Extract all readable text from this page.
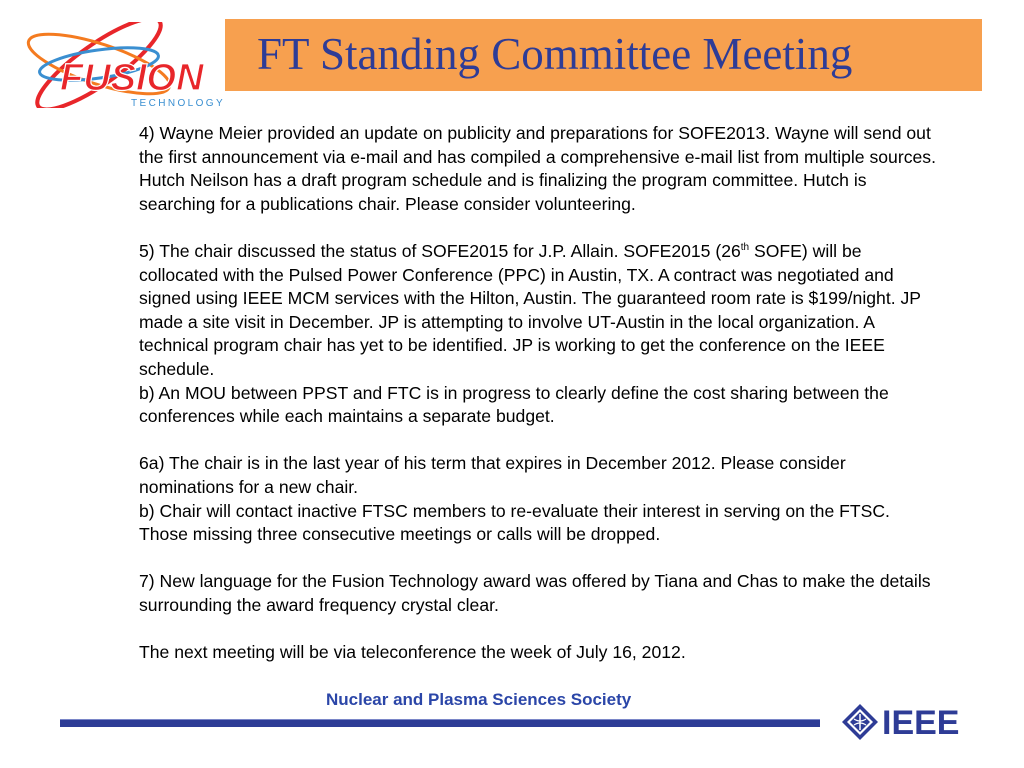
FUSION
TECHNOLOGY
FT Standing Committee Meeting

4) Wayne Meier provided an update on publicity and preparations for SOFE2013. Wayne will send out the first announcement via e-mail and has compiled a comprehensive e-mail list from multiple sources. Hutch Neilson has a draft program schedule and is finalizing the program committee. Hutch is searching for a publications chair. Please consider volunteering.

5) The chair discussed the status of SOFE2015 for J.P. Allain. SOFE2015 (26th SOFE) will be collocated with the Pulsed Power Conference (PPC) in Austin, TX. A contract was negotiated and signed using IEEE MCM services with the Hilton, Austin. The guaranteed room rate is $199/night. JP made a site visit in December. JP is attempting to involve UT-Austin in the local organization. A technical program chair has yet to be identified. JP is working to get the conference on the IEEE schedule.

b) An MOU between PPST and FTC is in progress to clearly define the cost sharing between the conferences while each maintains a separate budget.

6a) The chair is in the last year of his term that expires in December 2012. Please consider nominations for a new chair.

b) Chair will contact inactive FTSC members to re-evaluate their interest in serving on the FTSC. Those missing three consecutive meetings or calls will be dropped.

7) New language for the Fusion Technology award was offered by Tiana and Chas to make the details surrounding the award frequency crystal clear.

The next meeting will be via teleconference the week of July 16, 2012.

Nuclear and Plasma Sciences Society
IEEE
